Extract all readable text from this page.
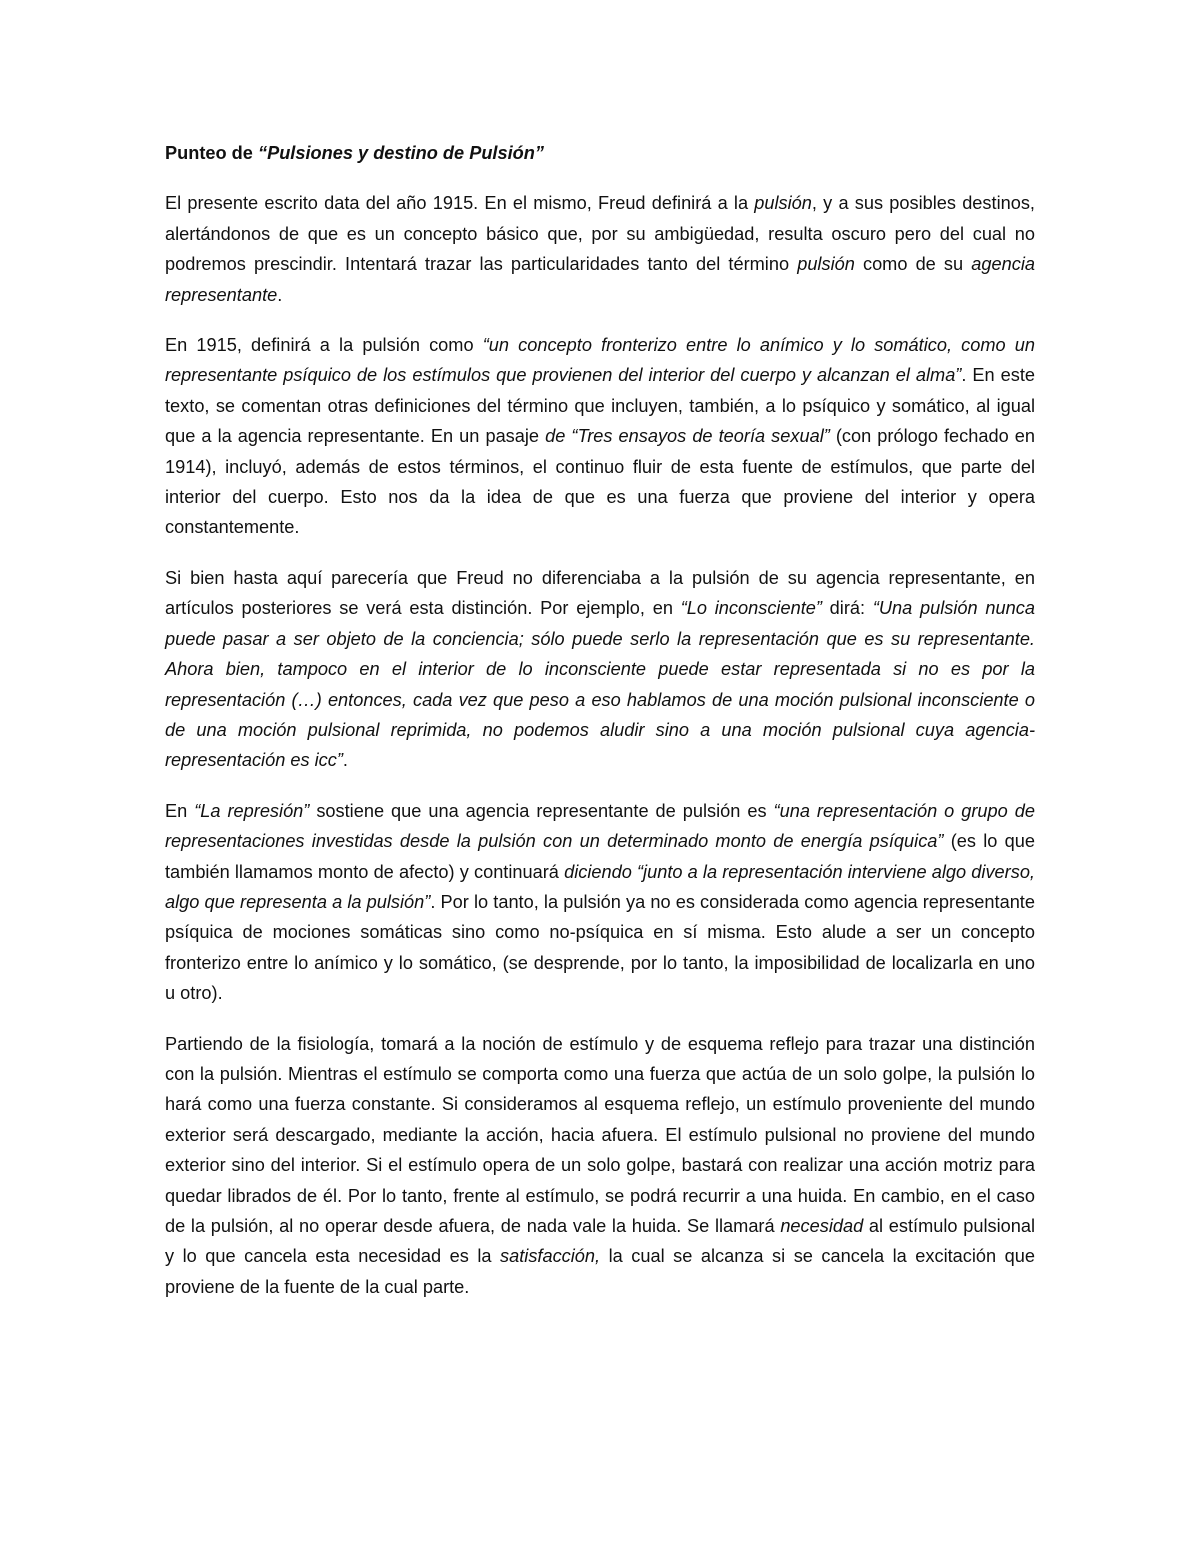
Punteo de “Pulsiones y destino de Pulsión”

El presente escrito data del año 1915. En el mismo, Freud definirá a la pulsión, y a sus posibles destinos, alertándonos de que es un concepto básico que, por su ambigüedad, resulta oscuro pero del cual no podremos prescindir. Intentará trazar las particularidades tanto del término pulsión como de su agencia representante.

En 1915, definirá a la pulsión como “un concepto fronterizo entre lo anímico y lo somático, como un representante psíquico de los estímulos que provienen del interior del cuerpo y alcanzan el alma”. En este texto, se comentan otras definiciones del término que incluyen, también, a lo psíquico y somático, al igual que a la agencia representante. En un pasaje de “Tres ensayos de teoría sexual” (con prólogo fechado en 1914), incluyó, además de estos términos, el continuo fluir de esta fuente de estímulos, que parte del interior del cuerpo. Esto nos da la idea de que es una fuerza que proviene del interior y opera constantemente.

Si bien hasta aquí parecería que Freud no diferenciaba a la pulsión de su agencia representante, en artículos posteriores se verá esta distinción. Por ejemplo, en “Lo inconsciente” dirá: “Una pulsión nunca puede pasar a ser objeto de la conciencia; sólo puede serlo la representación que es su representante. Ahora bien, tampoco en el interior de lo inconsciente puede estar representada si no es por la representación (…) entonces, cada vez que peso a eso hablamos de una moción pulsional inconsciente o de una moción pulsional reprimida, no podemos aludir sino a una moción pulsional cuya agencia-representación es icc”.

En “La represión” sostiene que una agencia representante de pulsión es “una representación o grupo de representaciones investidas desde la pulsión con un determinado monto de energía psíquica” (es lo que también llamamos monto de afecto) y continuará diciendo “junto a la representación interviene algo diverso, algo que representa a la pulsión”. Por lo tanto, la pulsión ya no es considerada como agencia representante psíquica de mociones somáticas sino como no-psíquica en sí misma. Esto alude a ser un concepto fronterizo entre lo anímico y lo somático, (se desprende, por lo tanto, la imposibilidad de localizarla en uno u otro).

Partiendo de la fisiología, tomará a la noción de estímulo y de esquema reflejo para trazar una distinción con la pulsión. Mientras el estímulo se comporta como una fuerza que actúa de un solo golpe, la pulsión lo hará como una fuerza constante. Si consideramos al esquema reflejo, un estímulo proveniente del mundo exterior será descargado, mediante la acción, hacia afuera. El estímulo pulsional no proviene del mundo exterior sino del interior. Si el estímulo opera de un solo golpe, bastará con realizar una acción motriz para quedar librados de él. Por lo tanto, frente al estímulo, se podrá recurrir a una huida. En cambio, en el caso de la pulsión, al no operar desde afuera, de nada vale la huida. Se llamará necesidad al estímulo pulsional y lo que cancela esta necesidad es la satisfacción, la cual se alcanza si se cancela la excitación que proviene de la fuente de la cual parte.
